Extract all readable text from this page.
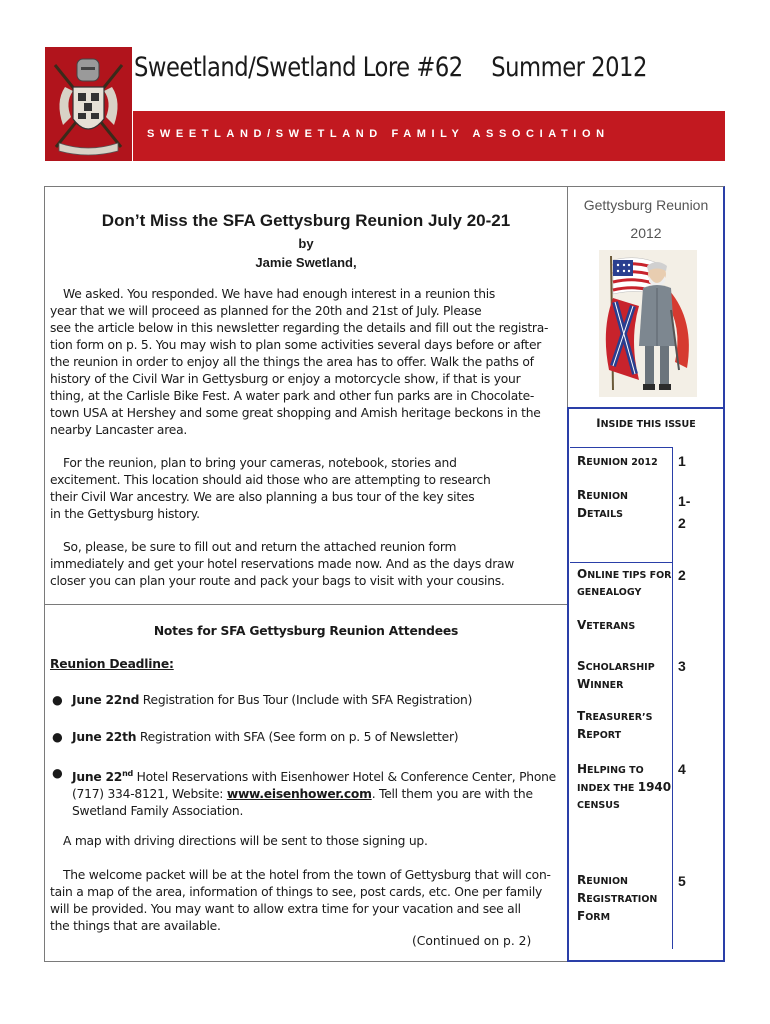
Sweetland/Swetland Lore #62 Summer 2012
SWEETLAND/SWETLAND FAMILY ASSOCIATION
Don’t Miss the SFA Gettysburg Reunion July 20-21
by
Jamie Swetland,
We asked. You responded. We have had enough interest in a reunion this
year that we will proceed as planned for the 20th and 21st of July. Please
see the article below in this newsletter regarding the details and fill out the registra-
tion form on p. 5. You may wish to plan some activities several days before or after
the reunion in order to enjoy all the things the area has to offer. Walk the paths of
history of the Civil War in Gettysburg or enjoy a motorcycle show, if that is your
thing, at the Carlisle Bike Fest. A water park and other fun parks are in Chocolate-
town USA at Hershey and some great shopping and Amish heritage beckons in the
nearby Lancaster area.
For the reunion, plan to bring your cameras, notebook, stories and
excitement. This location should aid those who are attempting to research
their Civil War ancestry. We are also planning a bus tour of the key sites
in the Gettysburg history.
So, please, be sure to fill out and return the attached reunion form
immediately and get your hotel reservations made now. And as the days draw
closer you can plan your route and pack your bags to visit with your cousins.
Notes for SFA Gettysburg Reunion Attendees
Reunion Deadline:
● June 22nd Registration for Bus Tour (Include with SFA Registration)
● June 22th Registration with SFA (See form on p. 5 of Newsletter)
● June 22nd Hotel Reservations with Eisenhower Hotel & Conference Center, Phone
(717) 334-8121, Website: www.eisenhower.com. Tell them you are with the
Swetland Family Association.
A map with driving directions will be sent to those signing up.
The welcome packet will be at the hotel from the town of Gettysburg that will con-
tain a map of the area, information of things to see, post cards, etc. One per family
will be provided. You may want to allow extra time for your vacation and see all
the things that are available.
(Continued on p. 2)
Gettysburg Reunion
2012
INSIDE THIS ISSUE
REUNION 2012	1
REUNION
DETAILS
1-
2
ONLINE TIPS FOR
GENEALOGY
2
VETERANS
SCHOLARSHIP
WINNER
3
TREASURER’S
REPORT
HELPING TO
INDEX THE 1940
CENSUS
4
REUNION
REGISTRATION
FORM
5
